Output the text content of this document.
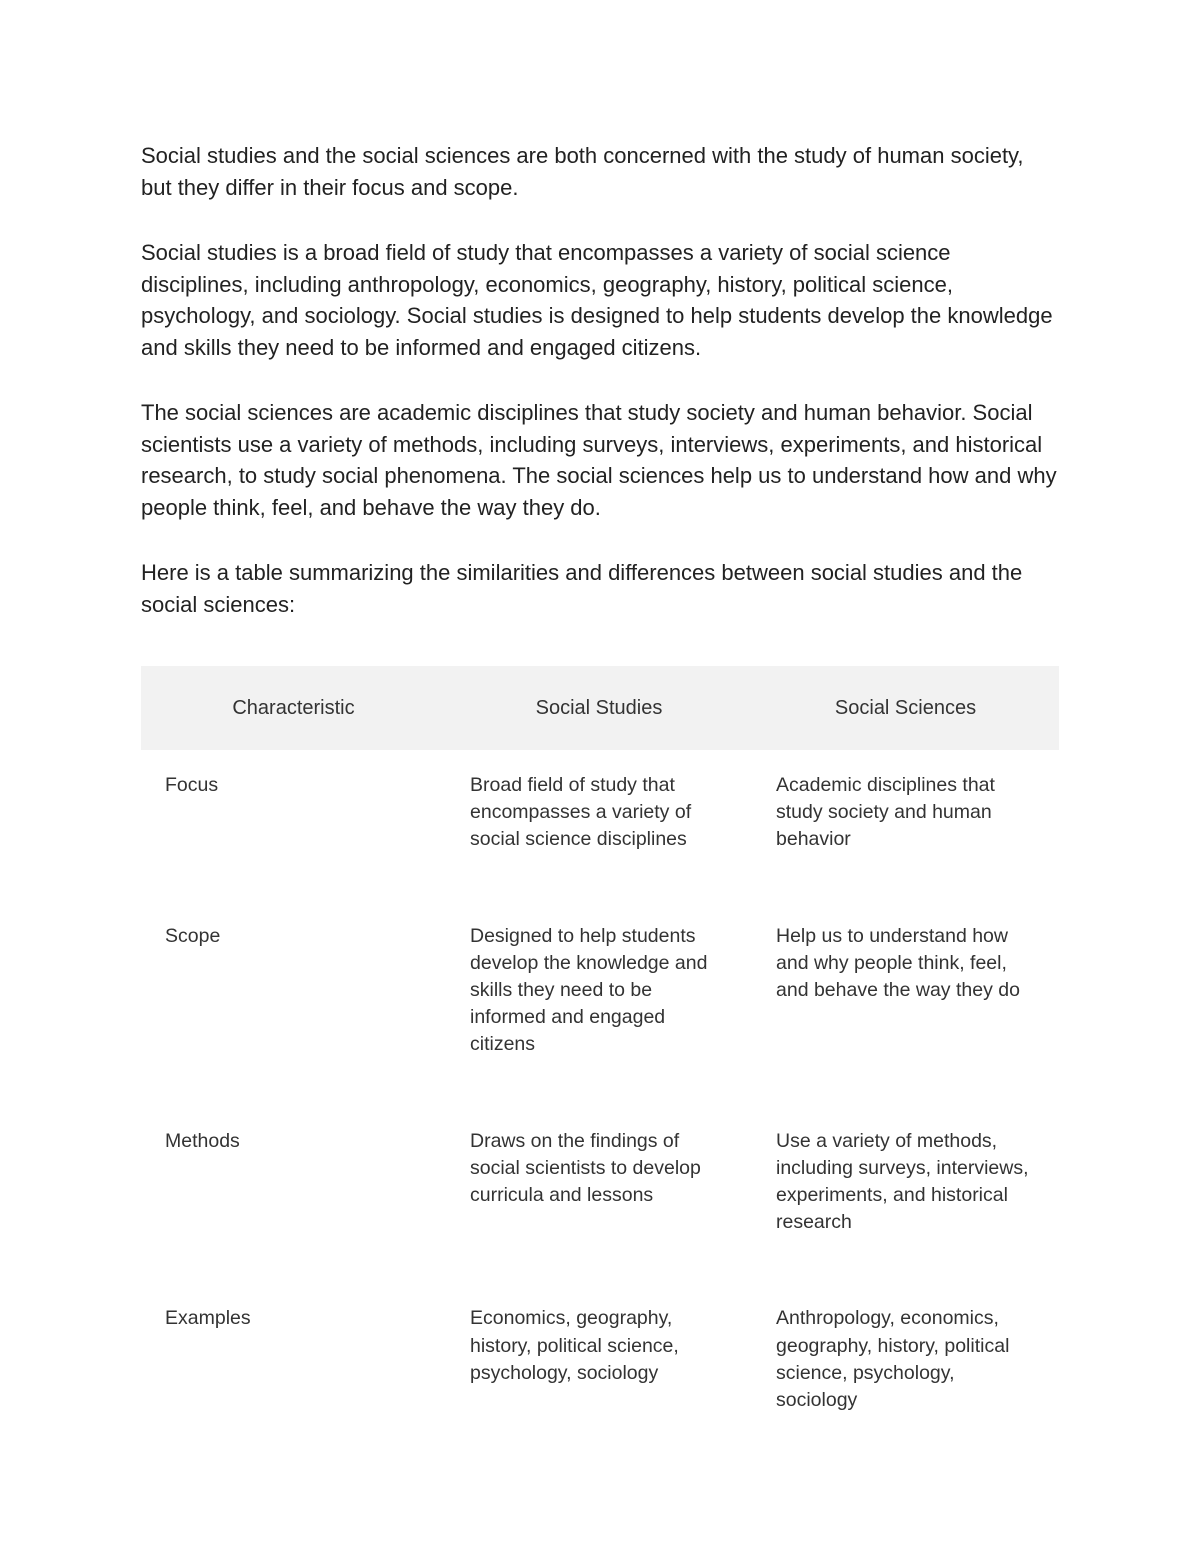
Social studies and the social sciences are both concerned with the study of human society, but they differ in their focus and scope.

Social studies is a broad field of study that encompasses a variety of social science disciplines, including anthropology, economics, geography, history, political science, psychology, and sociology. Social studies is designed to help students develop the knowledge and skills they need to be informed and engaged citizens.

The social sciences are academic disciplines that study society and human behavior. Social scientists use a variety of methods, including surveys, interviews, experiments, and historical research, to study social phenomena. The social sciences help us to understand how and why people think, feel, and behave the way they do.

Here is a table summarizing the similarities and differences between social studies and the social sciences:

Characteristic	Social Studies	Social Sciences
Focus	Broad field of study that encompasses a variety of social science disciplines	Academic disciplines that study society and human behavior
Scope	Designed to help students develop the knowledge and skills they need to be informed and engaged citizens	Help us to understand how and why people think, feel, and behave the way they do
Methods	Draws on the findings of social scientists to develop curricula and lessons	Use a variety of methods, including surveys, interviews, experiments, and historical research
Examples	Economics, geography, history, political science, psychology, sociology	Anthropology, economics, geography, history, political science, psychology, sociology
